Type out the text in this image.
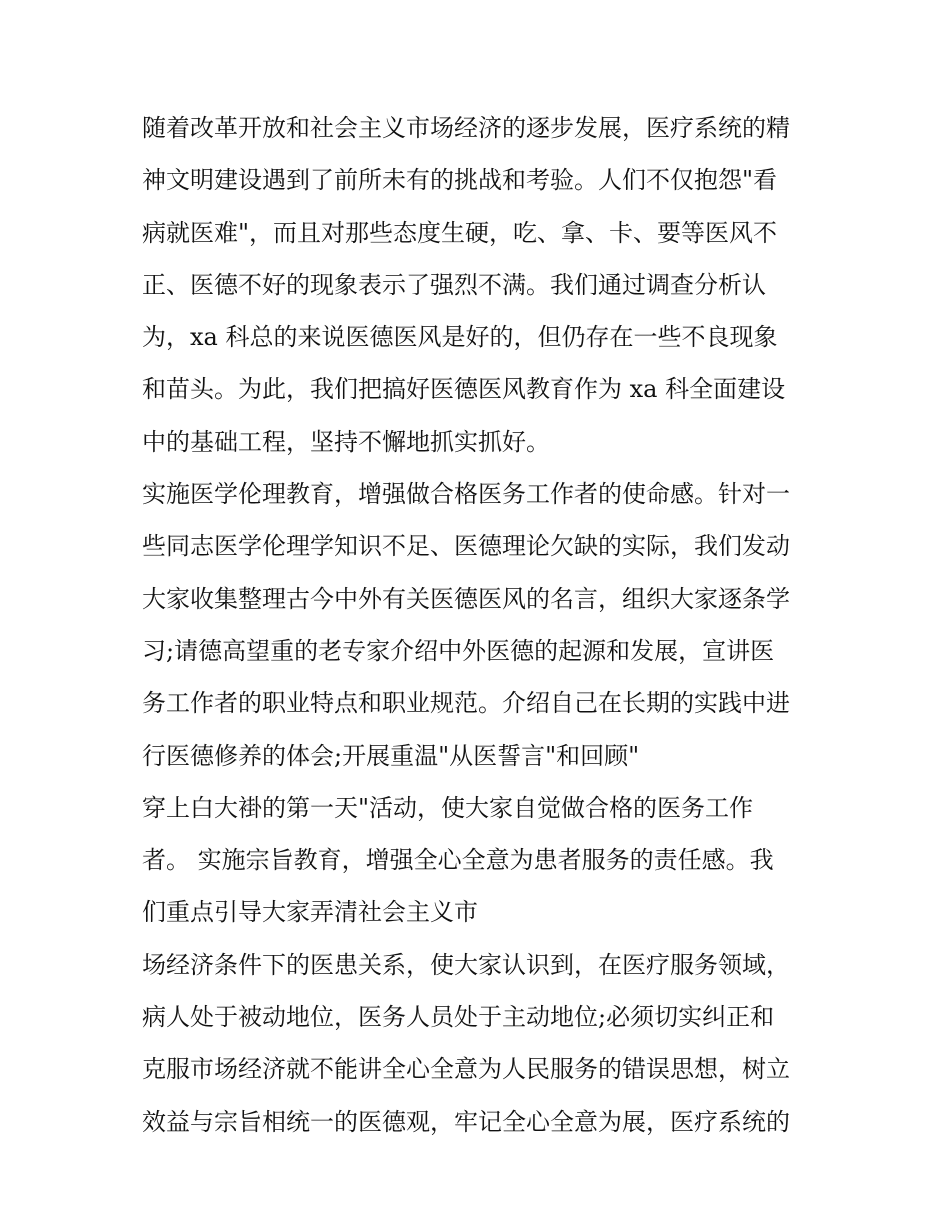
随着改革开放和社会主义市场经济的逐步发展，医疗系统的精
神文明建设遇到了前所未有的挑战和考验。人们不仅抱怨"看
病就医难"，而且对那些态度生硬，吃、拿、卡、要等医风不
正、医德不好的现象表示了强烈不满。我们通过调查分析认
为，xa 科总的来说医德医风是好的，但仍存在一些不良现象
和苗头。为此，我们把搞好医德医风教育作为 xa 科全面建设
中的基础工程，坚持不懈地抓实抓好。
实施医学伦理教育，增强做合格医务工作者的使命感。针对一
些同志医学伦理学知识不足、医德理论欠缺的实际，我们发动
大家收集整理古今中外有关医德医风的名言，组织大家逐条学
习;请德高望重的老专家介绍中外医德的起源和发展，宣讲医
务工作者的职业特点和职业规范。介绍自己在长期的实践中进
行医德修养的体会;开展重温"从医誓言"和回顾"
穿上白大褂的第一天"活动，使大家自觉做合格的医务工作
者。 实施宗旨教育，增强全心全意为患者服务的责任感。我
们重点引导大家弄清社会主义市
场经济条件下的医患关系，使大家认识到，在医疗服务领域，
病人处于被动地位，医务人员处于主动地位;必须切实纠正和
克服市场经济就不能讲全心全意为人民服务的错误思想，树立
效益与宗旨相统一的医德观，牢记全心全意为展，医疗系统的
